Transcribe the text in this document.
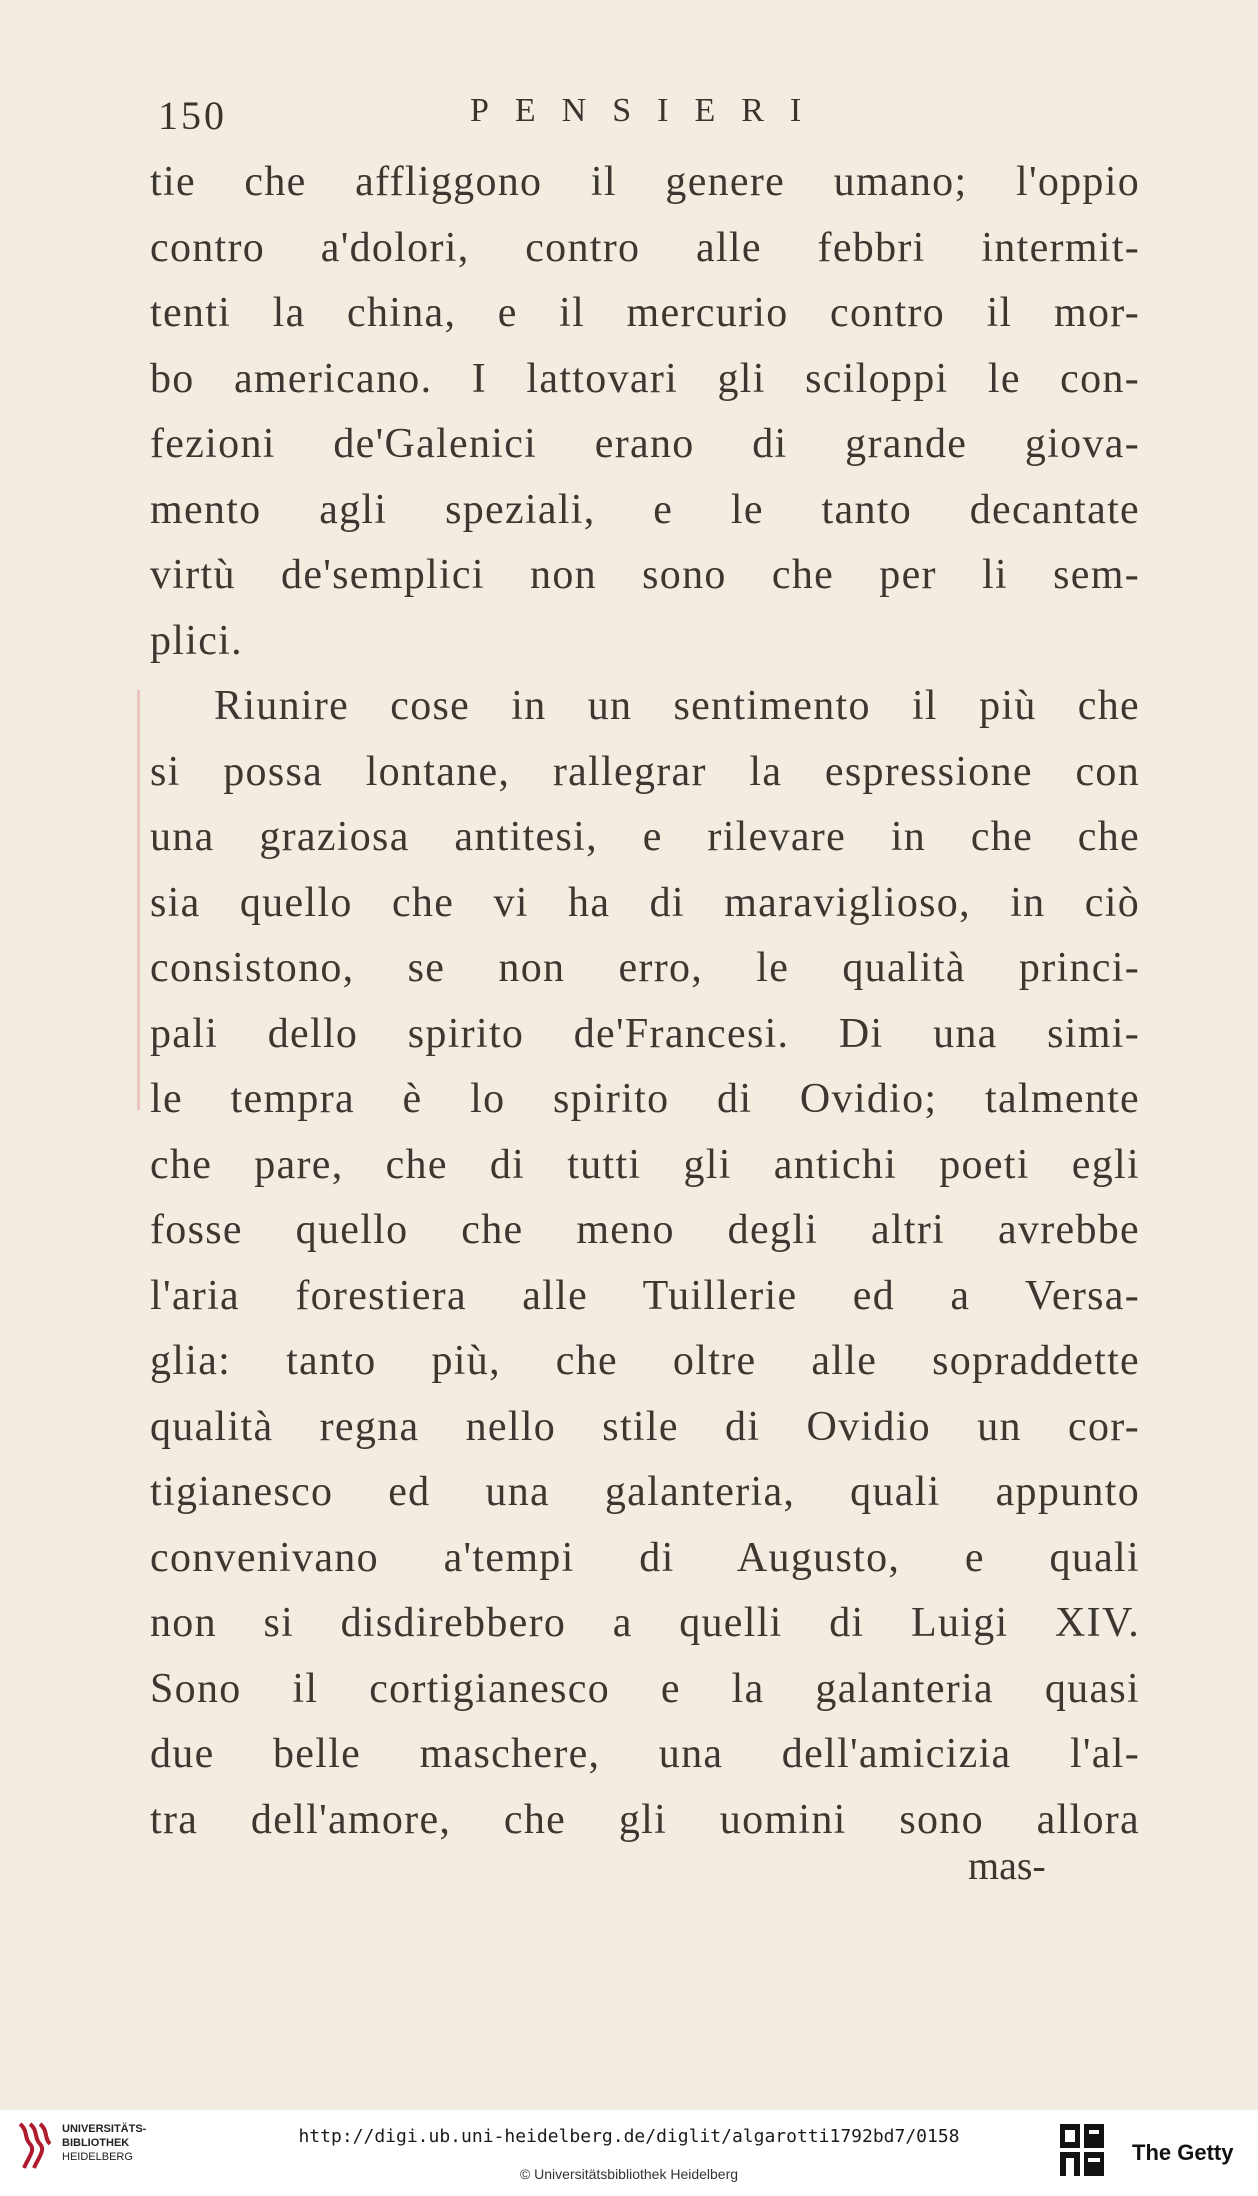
150	PENSIERI
tie che affliggono il genere umano; l'oppio
contro a'dolori, contro alle febbri intermit-
tenti la china, e il mercurio contro il mor-
bo americano. I lattovari gli sciloppi le con-
fezioni de'Galenici erano di grande giova-
mento agli speziali, e le tanto decantate
virtù de'semplici non sono che per li sem-
plici.
Riunire cose in un sentimento il più che
si possa lontane, rallegrar la espressione con
una graziosa antitesi, e rilevare in che che
sia quello che vi ha di maraviglioso, in ciò
consistono, se non erro, le qualità princi-
pali dello spirito de'Francesi. Di una simi-
le tempra è lo spirito di Ovidio; talmente
che pare, che di tutti gli antichi poeti egli
fosse quello che meno degli altri avrebbe
l'aria forestiera alle Tuillerie ed a Versa-
glia: tanto più, che oltre alle sopraddette
qualità regna nello stile di Ovidio un cor-
tigianesco ed una galanteria, quali appunto
convenivano a'tempi di Augusto, e quali
non si disdirebbero a quelli di Luigi XIV.
Sono il cortigianesco e la galanteria quasi
due belle maschere, una dell'amicizia l'al-
tra dell'amore, che gli uomini sono allora
mas-
UNIVERSITÄTS-
BIBLIOTHEK
HEIDELBERG
http://digi.ub.uni-heidelberg.de/diglit/algarotti1792bd7/0158
© Universitätsbibliothek Heidelberg
The Getty
